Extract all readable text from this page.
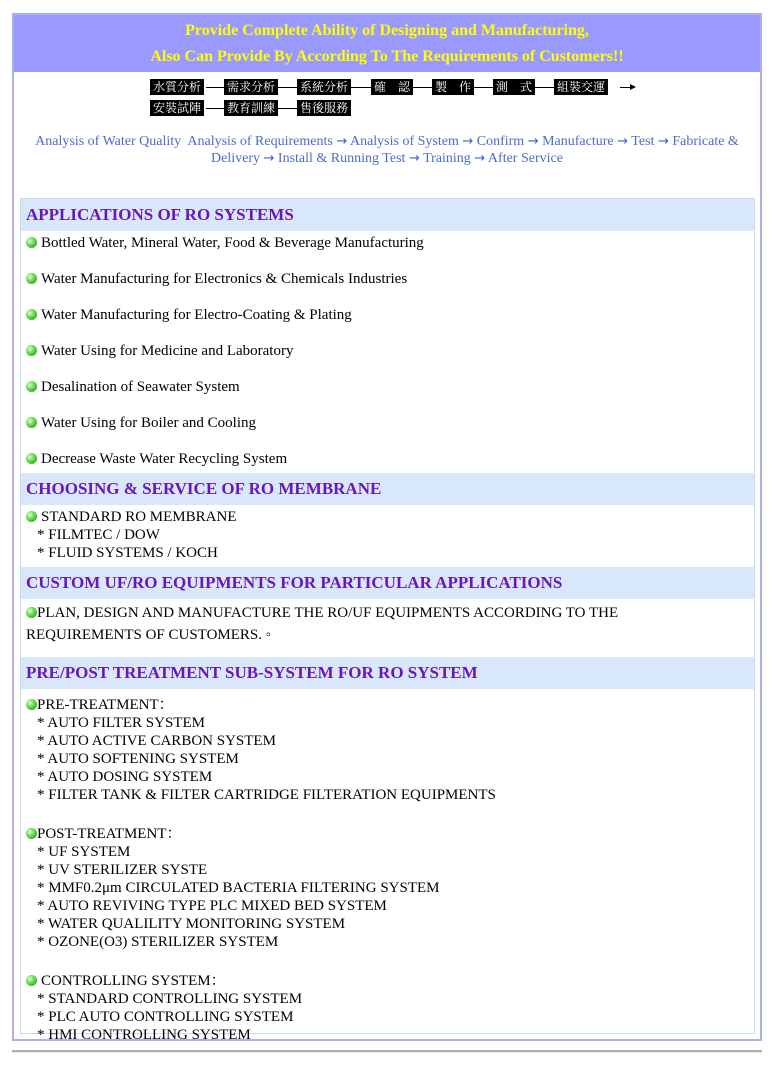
Provide Complete Ability of Designing and Manufacturing,
Also Can Provide By According To The Requirements of Customers!!
水質分析 需求分析 系統分析 確　認 製　作 測　式 組裝交運
安裝試陣 教育訓練 售後服務
Analysis of Water Quality Analysis of Requirements → Analysis of System → Confirm → Manufacture → Test → Fabricate & Delivery → Install & Running Test → Training → After Service
APPLICATIONS OF RO SYSTEMS
Bottled Water, Mineral Water, Food & Beverage Manufacturing
Water Manufacturing for Electronics & Chemicals Industries
Water Manufacturing for Electro-Coating & Plating
Water Using for Medicine and Laboratory
Desalination of Seawater System
Water Using for Boiler and Cooling
Decrease Waste Water Recycling System
CHOOSING & SERVICE OF RO MEMBRANE
STANDARD RO MEMBRANE
* FILMTEC / DOW
* FLUID SYSTEMS / KOCH
CUSTOM UF/RO EQUIPMENTS FOR PARTICULAR APPLICATIONS
PLAN, DESIGN AND MANUFACTURE THE RO/UF EQUIPMENTS ACCORDING TO THE REQUIREMENTS OF CUSTOMERS. ◦
PRE/POST TREATMENT SUB-SYSTEM FOR RO SYSTEM
PRE-TREATMENT：
* AUTO FILTER SYSTEM
* AUTO ACTIVE CARBON SYSTEM
* AUTO SOFTENING SYSTEM
* AUTO DOSING SYSTEM
* FILTER TANK & FILTER CARTRIDGE FILTERATION EQUIPMENTS
POST-TREATMENT：
* UF SYSTEM
* UV STERILIZER SYSTE
* MMF0.2μm CIRCULATED BACTERIA FILTERING SYSTEM
* AUTO REVIVING TYPE PLC MIXED BED SYSTEM
* WATER QUALILITY MONITORING SYSTEM
* OZONE(O3) STERILIZER SYSTEM
CONTROLLING SYSTEM：
* STANDARD CONTROLLING SYSTEM
* PLC AUTO CONTROLLING SYSTEM
* HMI CONTROLLING SYSTEM
